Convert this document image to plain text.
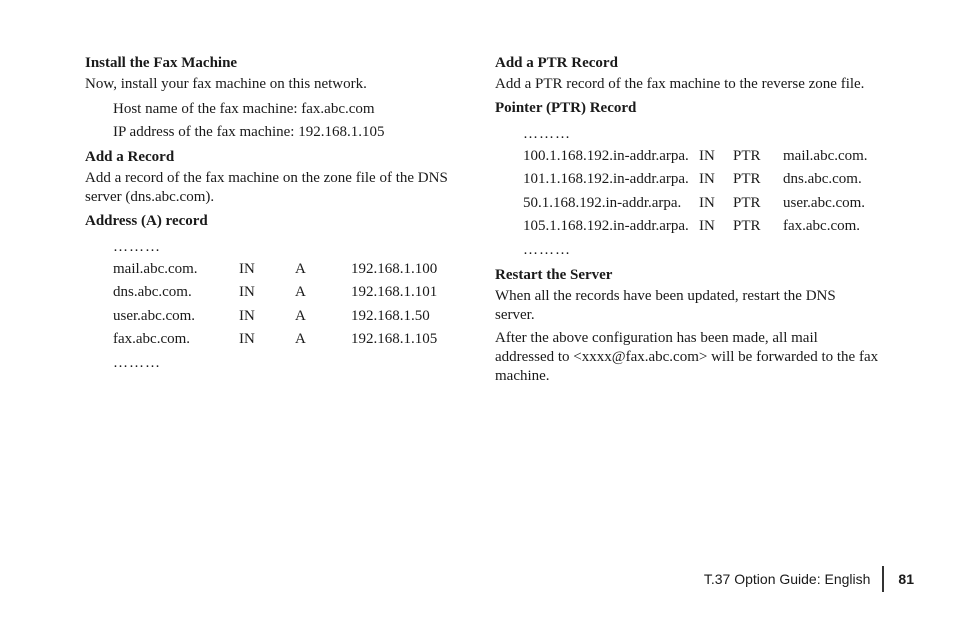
Install the Fax Machine

Now, install your fax machine on this network.

Host name of the fax machine: fax.abc.com

IP address of the fax machine: 192.168.1.105

Add a Record

Add a record of the fax machine on the zone file of the DNS server (dns.abc.com).

Address (A) record

………
mail.abc.com.	IN	A	192.168.1.100
dns.abc.com.	IN	A	192.168.1.101
user.abc.com.	IN	A	192.168.1.50
fax.abc.com.	IN	A	192.168.1.105
………

Add a PTR Record

Add a PTR record of the fax machine to the reverse zone file.

Pointer (PTR) Record

………
100.1.168.192.in-addr.arpa.	IN	PTR	mail.abc.com.
101.1.168.192.in-addr.arpa.	IN	PTR	dns.abc.com.
50.1.168.192.in-addr.arpa.	IN	PTR	user.abc.com.
105.1.168.192.in-addr.arpa.	IN	PTR	fax.abc.com.
………

Restart the Server

When all the records have been updated, restart the DNS server.

After the above configuration has been made, all mail addressed to <xxxx@fax.abc.com> will be forwarded to the fax machine.

T.37 Option Guide: English	81
